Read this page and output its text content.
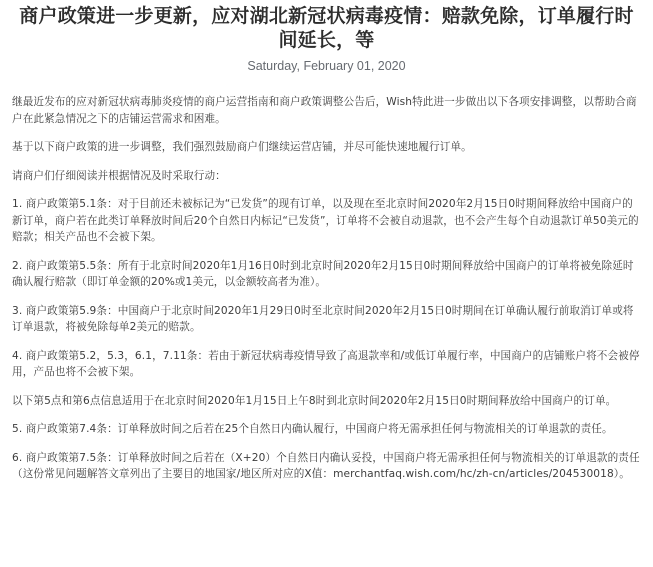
商户政策进一步更新，应对湖北新冠状病毒疫情：赔款免除，订单履行时间延长，等
Saturday, February 01, 2020

继最近发布的应对新冠状病毒肺炎疫情的商户运营指南和商户政策调整公告后，Wish特此进一步做出以下各项安排调整，以帮助合商户在此紧急情况之下的店铺运营需求和困难。

基于以下商户政策的进一步调整，我们强烈鼓励商户们继续运营店铺，并尽可能快速地履行订单。

请商户们仔细阅读并根据情况及时采取行动：

1. 商户政策第5.1条：对于目前还未被标记为“已发货”的现有订单，以及现在至北京时间2020年2月15日0时期间释放给中国商户的新订单，商户若在此类订单释放时间后20个自然日内标记“已发货”，订单将不会被自动退款，也不会产生每个自动退款订单50美元的赔款；相关产品也不会被下架。

2. 商户政策第5.5条：所有于北京时间2020年1月16日0时到北京时间2020年2月15日0时期间释放给中国商户的订单将被免除延时确认履行赔款（即订单金额的20%或1美元，以金额较高者为准）。

3. 商户政策第5.9条：中国商户于北京时间2020年1月29日0时至北京时间2020年2月15日0时期间在订单确认履行前取消订单或将订单退款，将被免除每单2美元的赔款。

4. 商户政策第5.2，5.3，6.1，7.11条：若由于新冠状病毒疫情导致了高退款率和/或低订单履行率，中国商户的店铺账户将不会被停用，产品也将不会被下架。

以下第5点和第6点信息适用于在北京时间2020年1月15日上午8时到北京时间2020年2月15日0时期间释放给中国商户的订单。

5. 商户政策第7.4条：订单释放时间之后若在25个自然日内确认履行，中国商户将无需承担任何与物流相关的订单退款的责任。

6. 商户政策第7.5条：订单释放时间之后若在（X+20）个自然日内确认妥投，中国商户将无需承担任何与物流相关的订单退款的责任（这份常见问题解答文章列出了主要目的地国家/地区所对应的X值：merchantfaq.wish.com/hc/zh-cn/articles/204530018）。
